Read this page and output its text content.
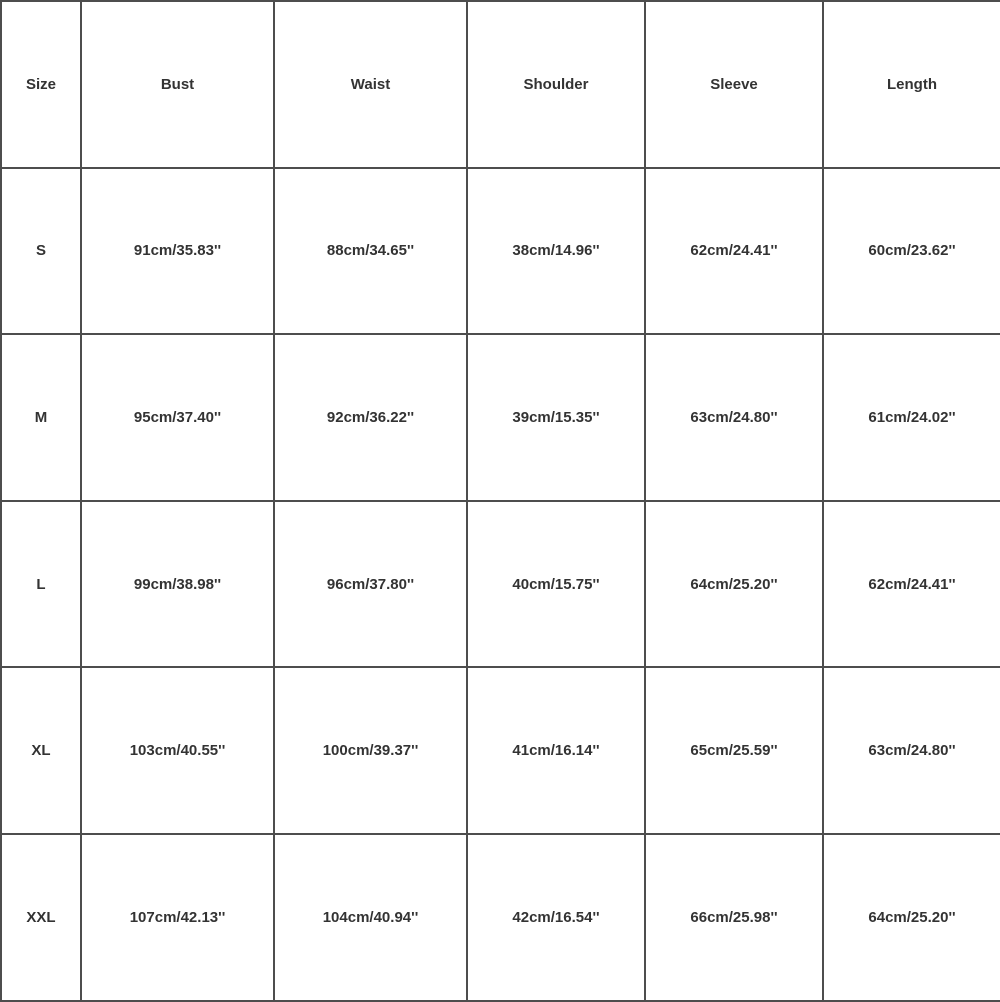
Size	Bust	Waist	Shoulder	Sleeve	Length
S	91cm/35.83''	88cm/34.65''	38cm/14.96''	62cm/24.41''	60cm/23.62''
M	95cm/37.40''	92cm/36.22''	39cm/15.35''	63cm/24.80''	61cm/24.02''
L	99cm/38.98''	96cm/37.80''	40cm/15.75''	64cm/25.20''	62cm/24.41''
XL	103cm/40.55''	100cm/39.37''	41cm/16.14''	65cm/25.59''	63cm/24.80''
XXL	107cm/42.13''	104cm/40.94''	42cm/16.54''	66cm/25.98''	64cm/25.20''
